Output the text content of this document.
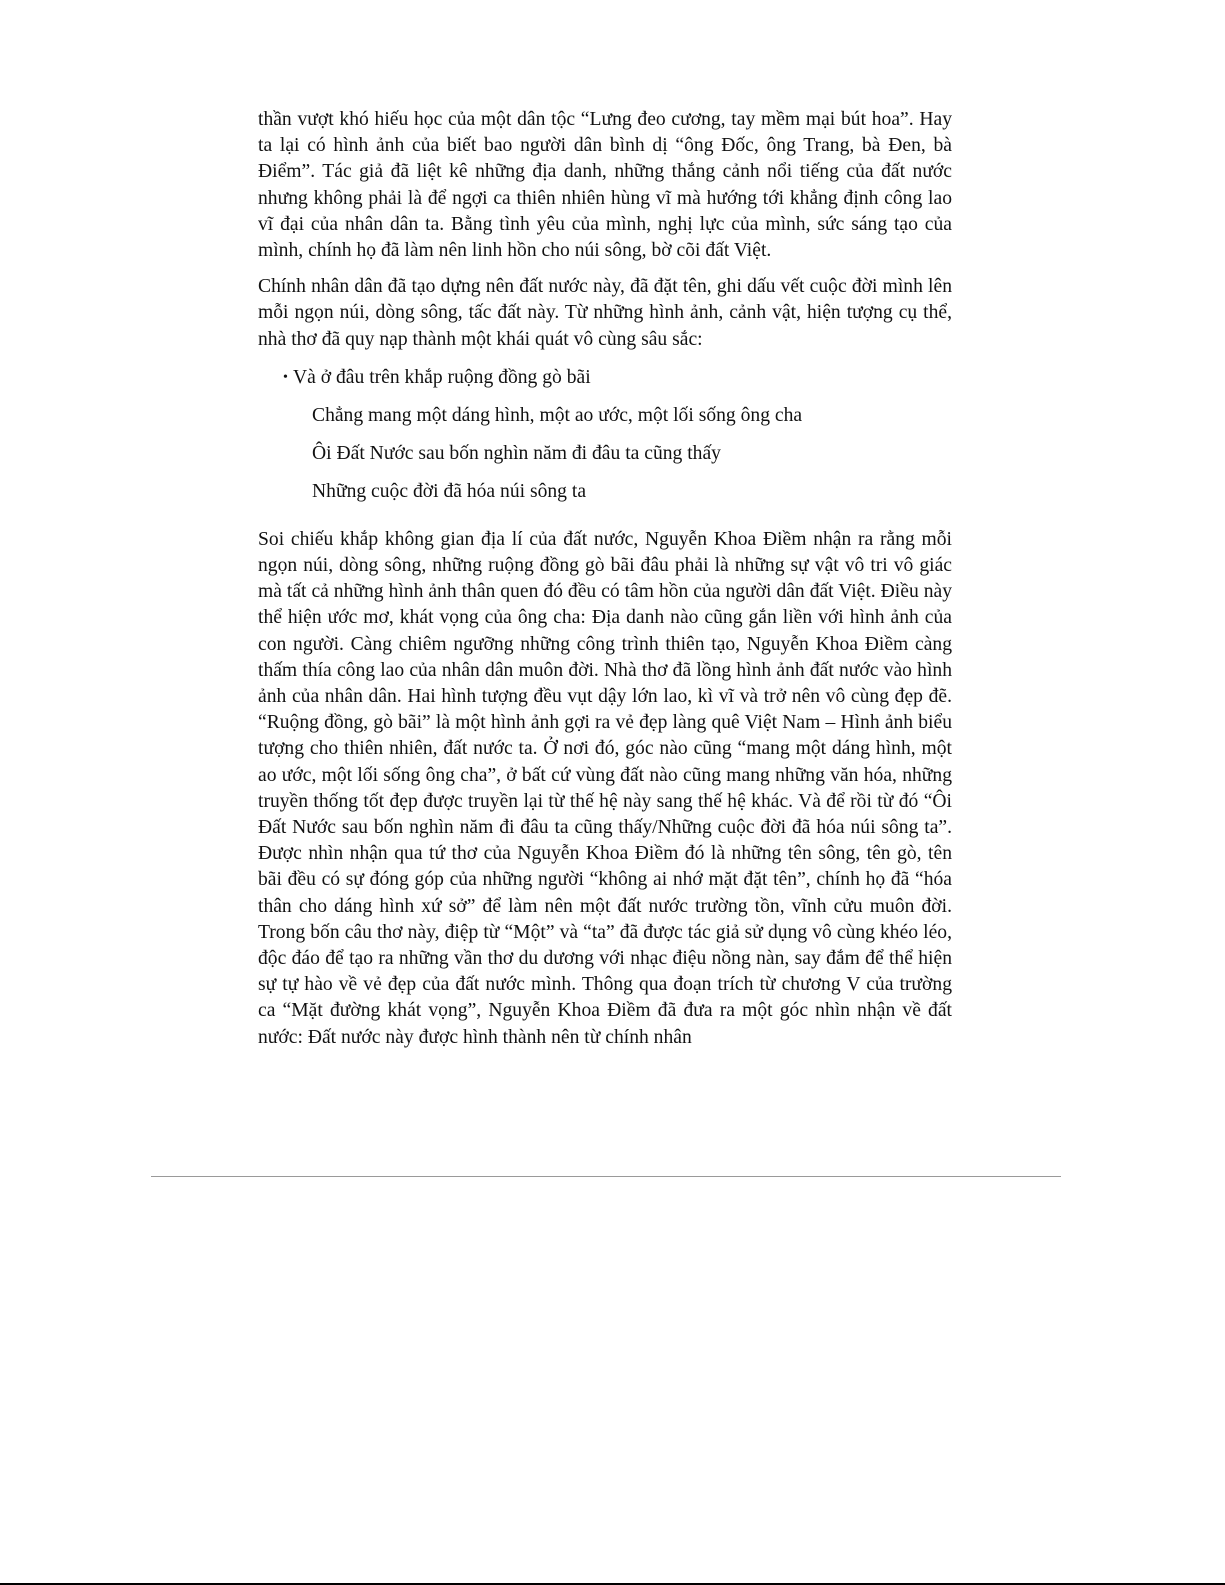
thần vượt khó hiếu học của một dân tộc “Lưng đeo cương, tay mềm mại bút hoa”. Hay ta lại có hình ảnh của biết bao người dân bình dị “ông Đốc, ông Trang, bà Đen, bà Điểm”. Tác giả đã liệt kê những địa danh, những thắng cảnh nổi tiếng của đất nước nhưng không phải là để ngợi ca thiên nhiên hùng vĩ mà hướng tới khẳng định công lao vĩ đại của nhân dân ta. Bằng tình yêu của mình, nghị lực của mình, sức sáng tạo của mình, chính họ đã làm nên linh hồn cho núi sông, bờ cõi đất Việt.

Chính nhân dân đã tạo dựng nên đất nước này, đã đặt tên, ghi dấu vết cuộc đời mình lên mỗi ngọn núi, dòng sông, tấc đất này. Từ những hình ảnh, cảnh vật, hiện tượng cụ thể, nhà thơ đã quy nạp thành một khái quát vô cùng sâu sắc:

• Và ở đâu trên khắp ruộng đồng gò bãi
Chẳng mang một dáng hình, một ao ước, một lối sống ông cha
Ôi Đất Nước sau bốn nghìn năm đi đâu ta cũng thấy
Những cuộc đời đã hóa núi sông ta

Soi chiếu khắp không gian địa lí của đất nước, Nguyễn Khoa Điềm nhận ra rằng mỗi ngọn núi, dòng sông, những ruộng đồng gò bãi đâu phải là những sự vật vô tri vô giác mà tất cả những hình ảnh thân quen đó đều có tâm hồn của người dân đất Việt. Điều này thể hiện ước mơ, khát vọng của ông cha: Địa danh nào cũng gắn liền với hình ảnh của con người. Càng chiêm ngưỡng những công trình thiên tạo, Nguyễn Khoa Điềm càng thấm thía công lao của nhân dân muôn đời. Nhà thơ đã lồng hình ảnh đất nước vào hình ảnh của nhân dân. Hai hình tượng đều vụt dậy lớn lao, kì vĩ và trở nên vô cùng đẹp đẽ. “Ruộng đồng, gò bãi” là một hình ảnh gợi ra vẻ đẹp làng quê Việt Nam – Hình ảnh biểu tượng cho thiên nhiên, đất nước ta. Ở nơi đó, góc nào cũng “mang một dáng hình, một ao ước, một lối sống ông cha”, ở bất cứ vùng đất nào cũng mang những văn hóa, những truyền thống tốt đẹp được truyền lại từ thế hệ này sang thế hệ khác. Và để rồi từ đó “Ôi Đất Nước sau bốn nghìn năm đi đâu ta cũng thấy/Những cuộc đời đã hóa núi sông ta”. Được nhìn nhận qua tứ thơ của Nguyễn Khoa Điềm đó là những tên sông, tên gò, tên bãi đều có sự đóng góp của những người “không ai nhớ mặt đặt tên”, chính họ đã “hóa thân cho dáng hình xứ sở” để làm nên một đất nước trường tồn, vĩnh cửu muôn đời. Trong bốn câu thơ này, điệp từ “Một” và “ta” đã được tác giả sử dụng vô cùng khéo léo, độc đáo để tạo ra những vần thơ du dương với nhạc điệu nồng nàn, say đắm để thể hiện sự tự hào về vẻ đẹp của đất nước mình. Thông qua đoạn trích từ chương V của trường ca “Mặt đường khát vọng”, Nguyễn Khoa Điềm đã đưa ra một góc nhìn nhận về đất nước: Đất nước này được hình thành nên từ chính nhân
